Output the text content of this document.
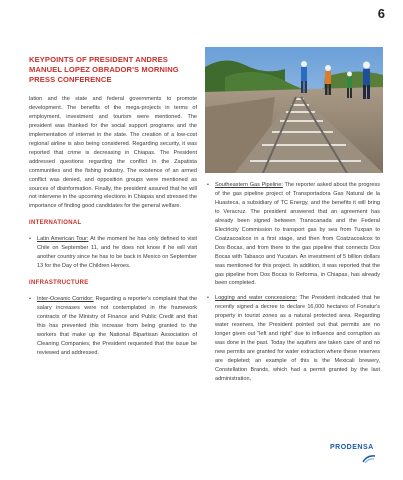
6
KEYPOINTS OF PRESIDENT ANDRES MANUEL LOPEZ OBRADOR'S MORNING PRESS CONFERENCE

lation and the state and federal governments to promote development. The benefits of the mega-projects in terms of employment, investment and tourism were mentioned. The president was thanked for the social support programs and the implementation of internet in the state. The creation of a low-cost regional airline is also being considered. Regarding security, it was reported that crime is decreasing in Chiapas. The President addressed questions regarding the conflict in the Zapatista communities and the fishing industry. The existence of an armed conflict was denied, and opposition groups were mentioned as sources of disinformation. Finally, the president assured that he will not intervene in the upcoming elections in Chiapas and stressed the importance of finding good candidates for the general welfare.

INTERNATIONAL
• Latin American Tour: At the moment he has only defined to visit Chile on September 11, and he does not know if he will visit another country since he has to be back in Mexico on September 13 for the Day of the Children Heroes.
INFRASTRUCTURE
• Inter-Oceanic Corridor: Regarding a reporter's complaint that the salary increases were not contemplated in the framework contracts of the Ministry of Finance and Public Credit and that this has prevented this increase from being granted to the workers that make up the National Bipartisan Association of Cleaning Companies, the President requested that the issue be reviewed and addressed.
• Southeastern Gas Pipeline: The reporter asked about the progress of the gas pipeline project of Transportadora Gas Natural de la Huasteca, a subsidiary of TC Energy, and the benefits it will bring to Veracruz. The president answered that an agreement has already been signed between Transcanada and the Federal Electricity Commission to transport gas by sea from Tuxpan to Coatzacoalcos in a first stage, and then from Coatzacoalcos to Dos Bocas, and from there to the gas pipeline that connects Dos Bocas with Tabasco and Yucatan. An investment of 5 billion dollars was mentioned for this project. In addition, it was reported that the gas pipeline from Dos Bocas to Reforma, in Chiapas, has already been completed.
• Logging and water concessions: The President indicated that he recently signed a decree to declare 16,000 hectares of Fonatur's property in tourist zones as a natural protected area. Regarding water reserves, the President pointed out that permits are no longer given out "left and right" due to influence and corruption as was done in the past. Today the aquifers are taken care of and no new permits are granted for water extraction where these reserves are depleted; an example of this is the Mexicali brewery, Constellation Brands, which had a permit granted by the last administration,
PRODENSA
